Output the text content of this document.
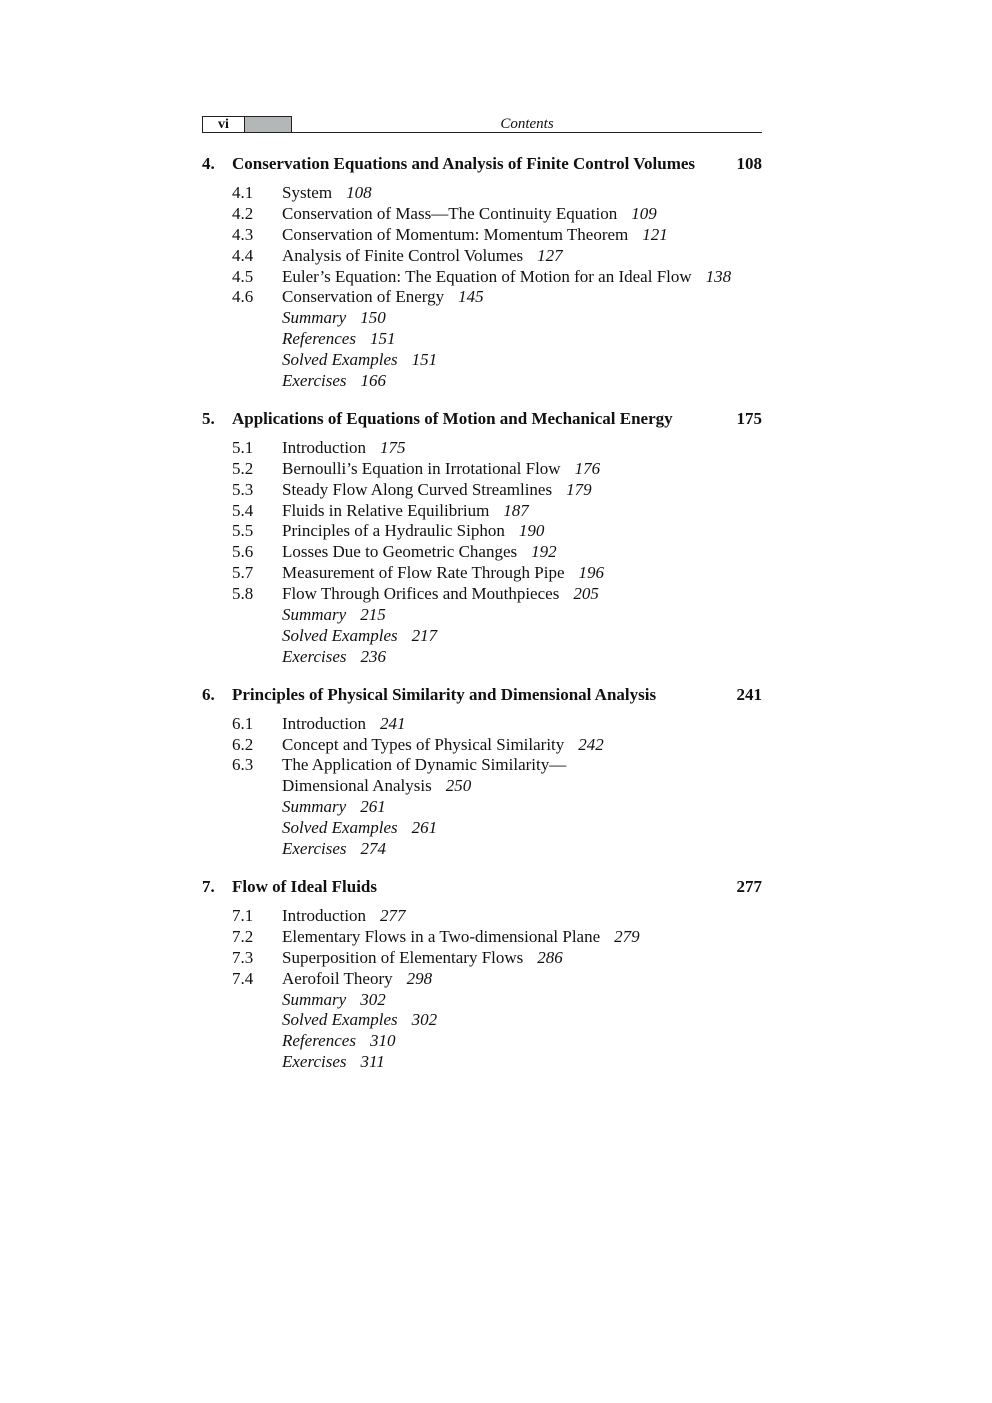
vi	Contents
4. Conservation Equations and Analysis of Finite Control Volumes 108
4.1 System 108
4.2 Conservation of Mass—The Continuity Equation 109
4.3 Conservation of Momentum: Momentum Theorem 121
4.4 Analysis of Finite Control Volumes 127
4.5 Euler’s Equation: The Equation of Motion for an Ideal Flow 138
4.6 Conservation of Energy 145
Summary 150
References 151
Solved Examples 151
Exercises 166
5. Applications of Equations of Motion and Mechanical Energy	175
5.1 Introduction 175
5.2 Bernoulli’s Equation in Irrotational Flow 176
5.3 Steady Flow Along Curved Streamlines 179
5.4 Fluids in Relative Equilibrium 187
5.5 Principles of a Hydraulic Siphon 190
5.6 Losses Due to Geometric Changes 192
5.7 Measurement of Flow Rate Through Pipe 196
5.8 Flow Through Orifices and Mouthpieces 205
Summary 215
Solved Examples 217
Exercises 236
6. Principles of Physical Similarity and Dimensional Analysis	241
6.1 Introduction 241
6.2 Concept and Types of Physical Similarity 242
6.3 The Application of Dynamic Similarity—
Dimensional Analysis 250
Summary 261
Solved Examples 261
Exercises 274
7. Flow of Ideal Fluids	277
7.1 Introduction 277
7.2 Elementary Flows in a Two-dimensional Plane 279
7.3 Superposition of Elementary Flows 286
7.4 Aerofoil Theory 298
Summary 302
Solved Examples 302
References 310
Exercises 311
